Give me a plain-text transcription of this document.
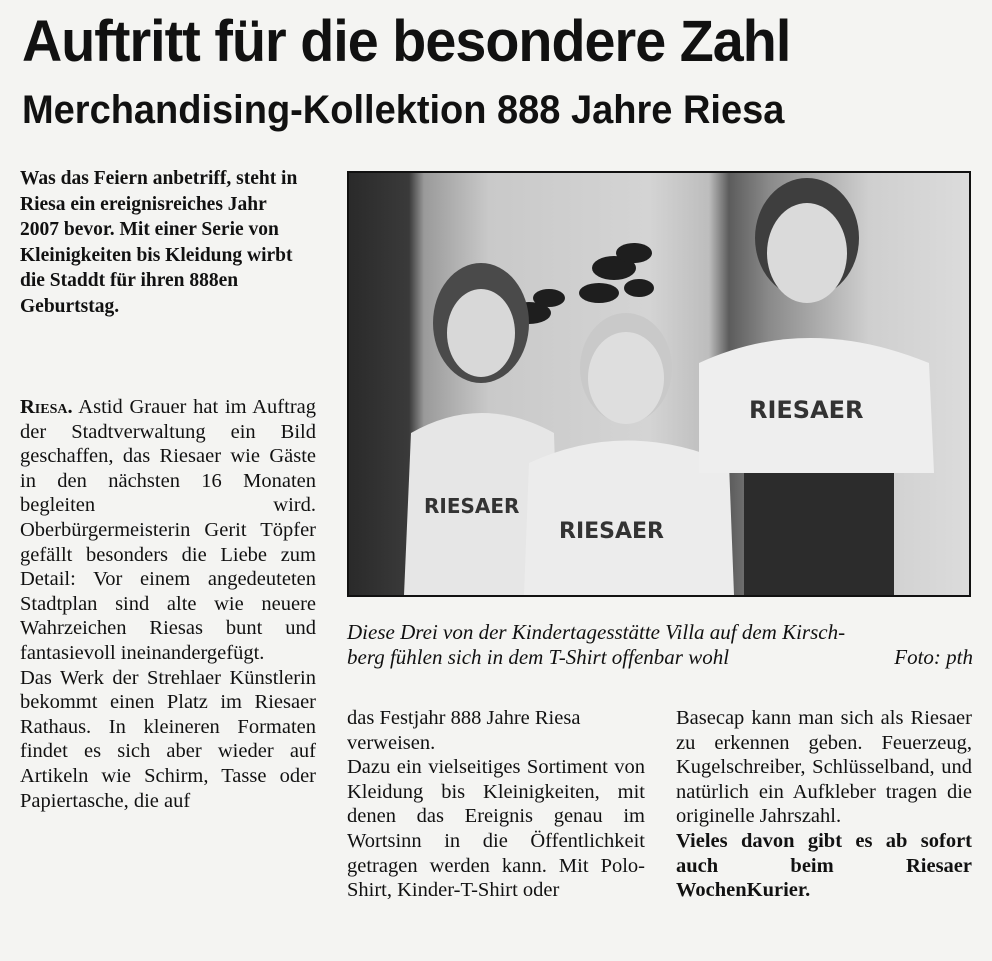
Auftritt für die besondere Zahl
Merchandising-Kollektion 888 Jahre Riesa

Was das Feiern anbetriff, steht in Riesa ein ereignisreiches Jahr 2007 bevor. Mit einer Serie von Kleinigkeiten bis Kleidung wirbt die Staddt für ihren 888en Geburtstag.

Riesa. Astid Grauer hat im Auftrag der Stadtverwaltung ein Bild geschaffen, das Riesaer wie Gäste in den nächsten 16 Monaten begleiten wird. Oberbürgermeisterin Gerit Töpfer gefällt besonders die Liebe zum Detail: Vor einem angedeuteten Stadtplan sind alte wie neuere Wahrzeichen Riesas bunt und fantasievoll ineinandergefügt.

Das Werk der Strehlaer Künstlerin bekommt einen Platz im Riesaer Rathaus. In kleineren Formaten findet es sich aber wieder auf Artikeln wie Schirm, Tasse oder Papiertasche, die auf

RIESAER
RIESAER
RIESAER
Diese Drei von der Kindertagesstätte Villa auf dem Kirsch-
berg fühlen sich in dem T-Shirt offenbar wohl	Foto: pth

das Festjahr 888 Jahre Riesa verweisen.

Dazu ein vielseitiges Sortiment von Kleidung bis Kleinigkeiten, mit denen das Ereignis genau im Wortsinn in die Öffentlichkeit getragen werden kann. Mit Polo-Shirt, Kinder-T-Shirt oder

Basecap kann man sich als Riesaer zu erkennen geben. Feuerzeug, Kugelschreiber, Schlüsselband, und natürlich ein Aufkleber tragen die originelle Jahrszahl.

Vieles davon gibt es ab sofort auch beim Riesaer WochenKurier.
